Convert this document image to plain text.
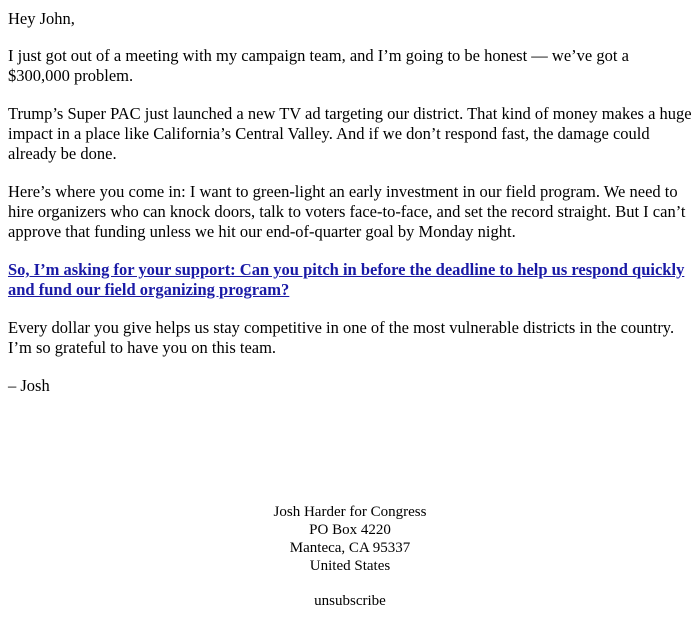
Hey John,

I just got out of a meeting with my campaign team, and I’m going to be honest — we’ve got a $300,000 problem.

Trump’s Super PAC just launched a new TV ad targeting our district. That kind of money makes a huge impact in a place like California’s Central Valley. And if we don’t respond fast, the damage could already be done.

Here’s where you come in: I want to green-light an early investment in our field program. We need to hire organizers who can knock doors, talk to voters face-to-face, and set the record straight. But I can’t approve that funding unless we hit our end-of-quarter goal by Monday night.

So, I’m asking for your support: Can you pitch in before the deadline to help us respond quickly and fund our field organizing program?

Every dollar you give helps us stay competitive in one of the most vulnerable districts in the country. I’m so grateful to have you on this team.

– Josh

Josh Harder for Congress
PO Box 4220
Manteca, CA 95337
United States
unsubscribe
